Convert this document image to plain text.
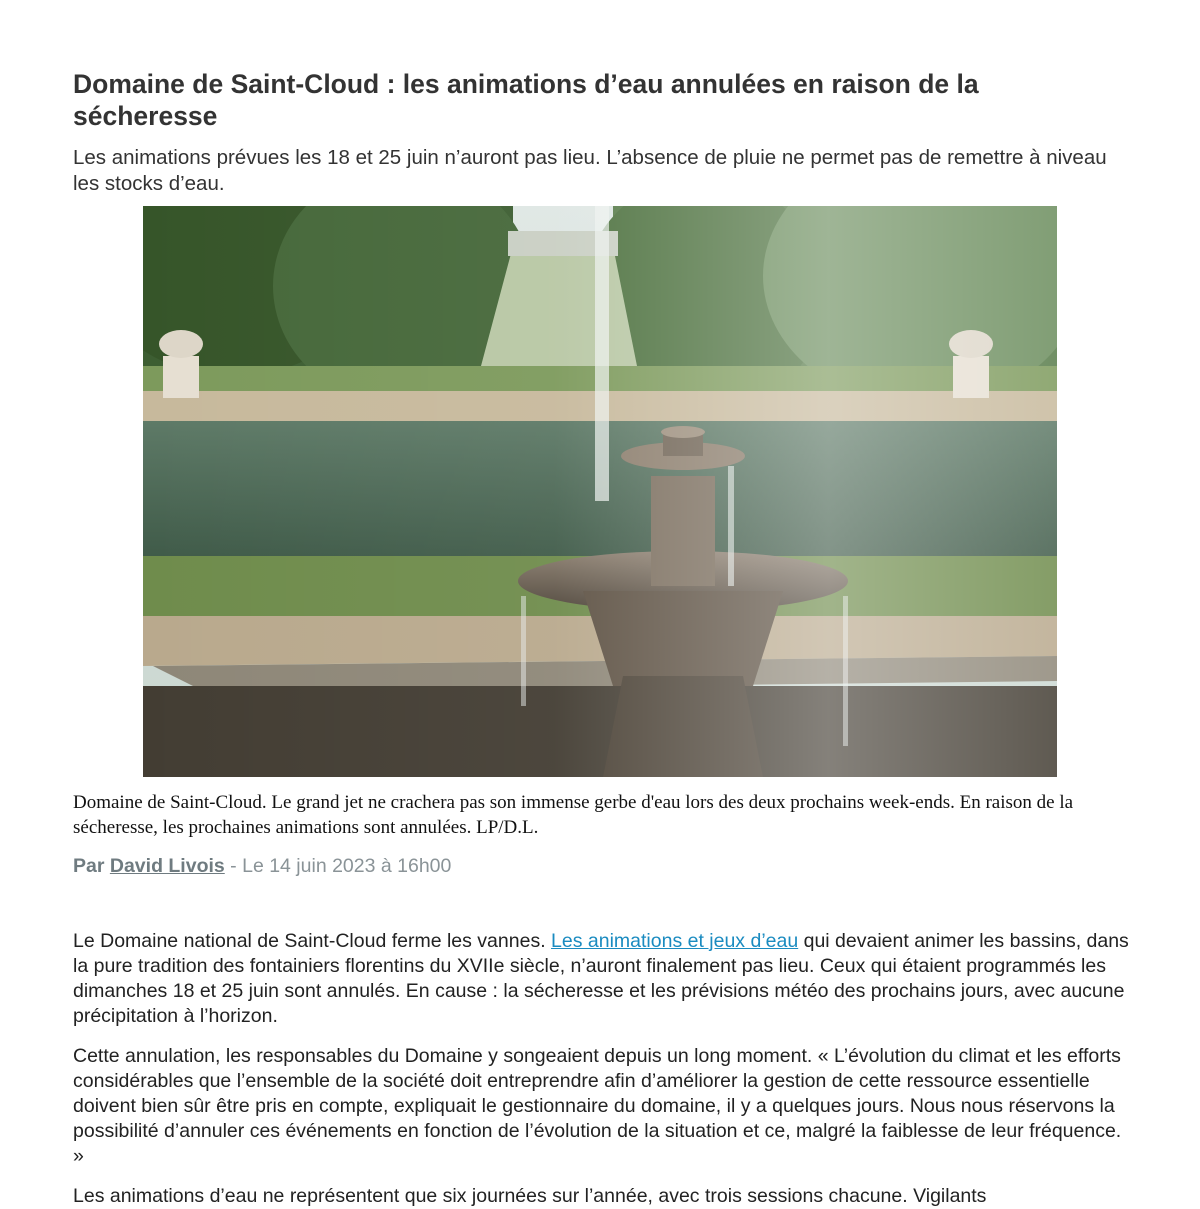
Domaine de Saint-Cloud : les animations d’eau annulées en raison de la sécheresse

Les animations prévues les 18 et 25 juin n’auront pas lieu. L’absence de pluie ne permet pas de remettre à niveau les stocks d’eau.

Domaine de Saint-Cloud. Le grand jet ne crachera pas son immense gerbe d'eau lors des deux prochains week-ends. En raison de la sécheresse, les prochaines animations sont annulées. LP/D.L.

Par David Livois - Le 14 juin 2023 à 16h00

Le Domaine national de Saint-Cloud ferme les vannes. Les animations et jeux d’eau qui devaient animer les bassins, dans la pure tradition des fontainiers florentins du XVIIe siècle, n’auront finalement pas lieu. Ceux qui étaient programmés les dimanches 18 et 25 juin sont annulés. En cause : la sécheresse et les prévisions météo des prochains jours, avec aucune précipitation à l’horizon.

Cette annulation, les responsables du Domaine y songeaient depuis un long moment. « L’évolution du climat et les efforts considérables que l’ensemble de la société doit entreprendre afin d’améliorer la gestion de cette ressource essentielle doivent bien sûr être pris en compte, expliquait le gestionnaire du domaine, il y a quelques jours. Nous nous réservons la possibilité d’annuler ces événements en fonction de l’évolution de la situation et ce, malgré la faiblesse de leur fréquence. »

Les animations d’eau ne représentent que six journées sur l’année, avec trois sessions chacune. Vigilants
